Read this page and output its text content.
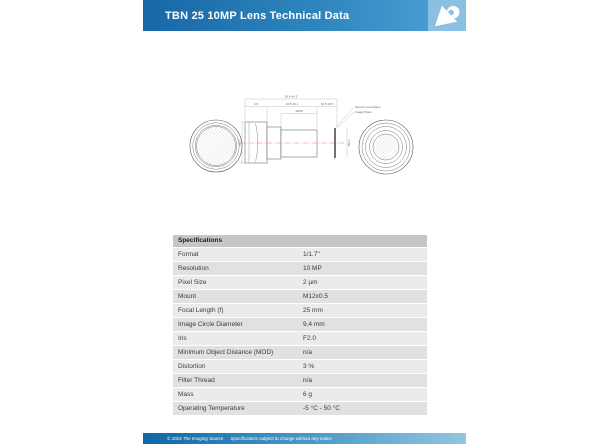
TBN 25 10MP Lens Technical Data
30.4 ±0.3
4.5	10.5 ±0.1	10.5 ±0.5
19/15
Ø17	Ø9.4
Sensor Coverglass
Image Plane
Specifications
Format	1/1.7"
Resolution	10 MP
Pixel Size	2 µm
Mount	M12x0.5
Focal Length (f)	25 mm
Image Circle Diameter	9,4 mm
Iris	F2.0
Minimum Object Distance (MOD)	n/a
Distortion	3 %
Filter Thread	n/a
Mass	6 g
Operating Temperature	-5 °C - 50 °C
© 2024 The Imaging Source Specifications subject to change without any notice
